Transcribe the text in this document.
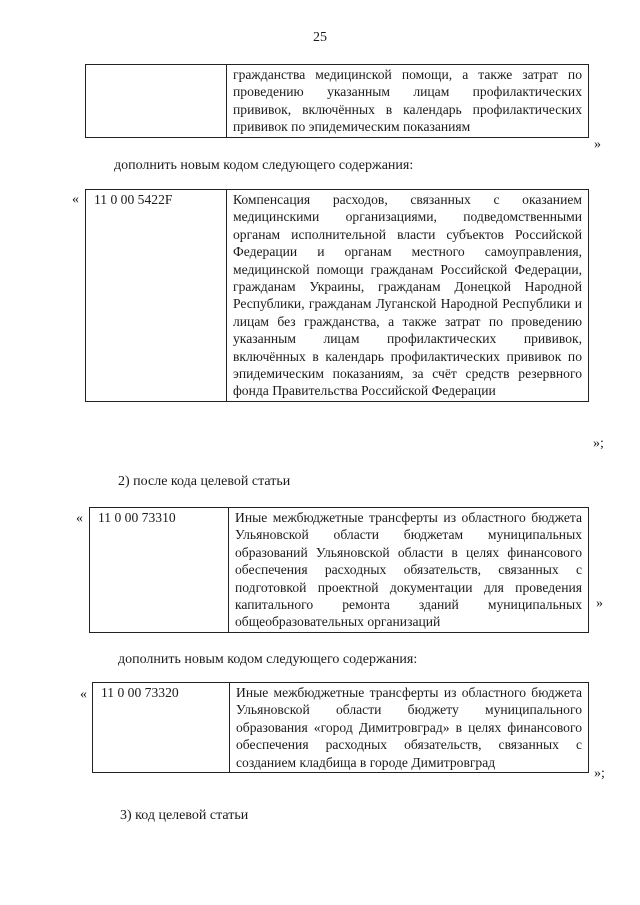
25
	гражданства медицинской помощи, а также затрат по проведению указанным лицам профилактических прививок, включённых в календарь профилактических прививок по эпидемическим показаниям
»
дополнить новым кодом следующего содержания:
« 11 0 00 5422F	Компенсация расходов, связанных с оказанием медицинскими организациями, подведомственными органам исполнительной власти субъектов Российской Федерации и органам местного самоуправления, медицинской помощи гражданам Российской Федерации, гражданам Украины, гражданам Донецкой Народной Республики, гражданам Луганской Народной Республики и лицам без гражданства, а также затрат по проведению указанным лицам профилактических прививок, включённых в календарь профилактических прививок по эпидемическим показаниям, за счёт средств резервного фонда Правительства Российской Федерации
»;
2) после кода целевой статьи
« 11 0 00 73310	Иные межбюджетные трансферты из областного бюджета Ульяновской области бюджетам муниципальных образований Ульяновской области в целях финансового обеспечения расходных обязательств, связанных с подготовкой проектной документации для проведения капитального ремонта зданий муниципальных общеобразовательных организаций
»
дополнить новым кодом следующего содержания:
« 11 0 00 73320	Иные межбюджетные трансферты из областного бюджета Ульяновской области бюджету муниципального образования «город Димитровград» в целях финансового обеспечения расходных обязательств, связанных с созданием кладбища в городе Димитровград
»;
3) код целевой статьи
